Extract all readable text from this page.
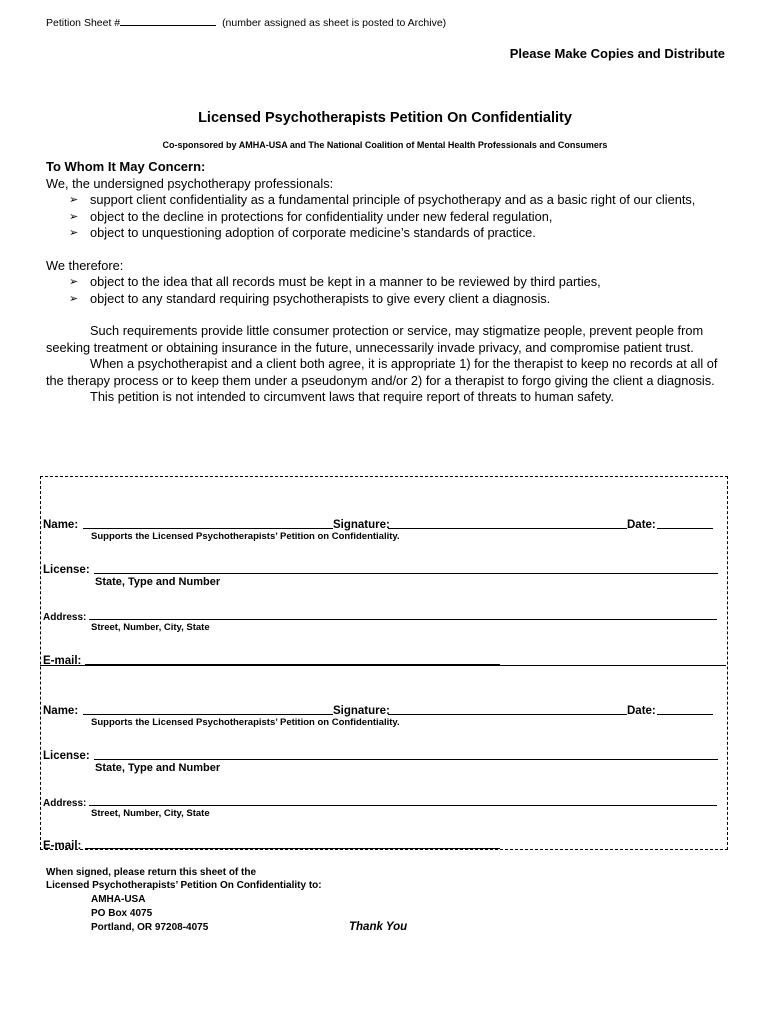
Petition Sheet #	(number assigned as sheet is posted to Archive)
Please Make Copies and Distribute
Licensed Psychotherapists Petition On Confidentiality
Co-sponsored by AMHA-USA and The National Coalition of Mental Health Professionals and Consumers
To Whom It May Concern:
We, the undersigned psychotherapy professionals:
➢ support client confidentiality as a fundamental principle of psychotherapy and as a basic right of our clients,
➢ object to the decline in protections for confidentiality under new federal regulation,
➢ object to unquestioning adoption of corporate medicine’s standards of practice.
We therefore:
➢ object to the idea that all records must be kept in a manner to be reviewed by third parties,
➢ object to any standard requiring psychotherapists to give every client a diagnosis.

Such requirements provide little consumer protection or service, may stigmatize people, prevent people from seeking treatment or obtaining insurance in the future, unnecessarily invade privacy, and compromise patient trust.

When a psychotherapist and a client both agree, it is appropriate 1) for the therapist to keep no records at all of the therapy process or to keep them under a pseudonym and/or 2) for a therapist to forgo giving the client a diagnosis.

This petition is not intended to circumvent laws that require report of threats to human safety.

Name:	Signature:	Date:
Supports the Licensed Psychotherapists’ Petition on Confidentiality.
License:
State, Type and Number
Address:
Street, Number, City, State
E-mail:
Name:	Signature:	Date:
Supports the Licensed Psychotherapists’ Petition on Confidentiality.
License:
State, Type and Number
Address:
Street, Number, City, State
E-mail:
When signed, please return this sheet of the
Licensed Psychotherapists’ Petition On Confidentiality to:
AMHA-USA
PO Box 4075
Portland, OR 97208-4075	Thank You
